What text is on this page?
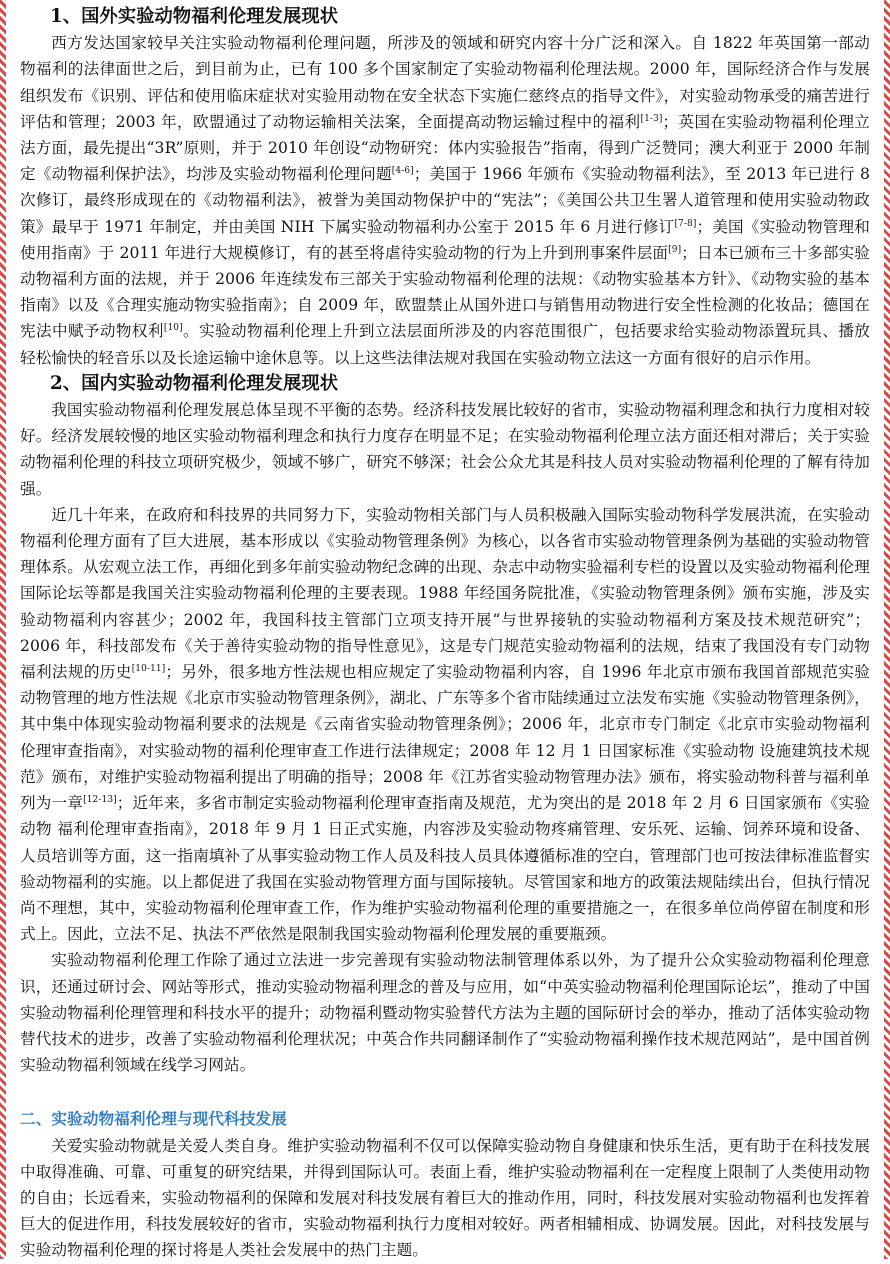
1、国外实验动物福利伦理发展现状

西方发达国家较早关注实验动物福利伦理问题，所涉及的领域和研究内容十分广泛和深入。自 1822 年英国第一部动物福利的法律面世之后，到目前为止，已有 100 多个国家制定了实验动物福利伦理法规。2000 年，国际经济合作与发展组织发布《识别、评估和使用临床症状对实验用动物在安全状态下实施仁慈终点的指导文件》，对实验动物承受的痛苦进行评估和管理；2003 年，欧盟通过了动物运输相关法案，全面提高动物运输过程中的福利[1-3]；英国在实验动物福利伦理立法方面，最先提出“3R”原则，并于 2010 年创设“动物研究：体内实验报告”指南，得到广泛赞同；澳大利亚于 2000 年制定《动物福利保护法》，均涉及实验动物福利伦理问题[4-6]；美国于 1966 年颁布《实验动物福利法》，至 2013 年已进行 8 次修订，最终形成现在的《动物福利法》，被誉为美国动物保护中的“宪法”；《美国公共卫生署人道管理和使用实验动物政策》最早于 1971 年制定，并由美国 NIH 下属实验动物福利办公室于 2015 年 6 月进行修订[7-8]；美国《实验动物管理和使用指南》于 2011 年进行大规模修订，有的甚至将虐待实验动物的行为上升到刑事案件层面[9]；日本已颁布三十多部实验动物福利方面的法规，并于 2006 年连续发布三部关于实验动物福利伦理的法规：《动物实验基本方针》、《动物实验的基本指南》以及《合理实施动物实验指南》；自 2009 年，欧盟禁止从国外进口与销售用动物进行安全性检测的化妆品；德国在宪法中赋予动物权利[10]。实验动物福利伦理上升到立法层面所涉及的内容范围很广，包括要求给实验动物添置玩具、播放轻松愉快的轻音乐以及长途运输中途休息等。以上这些法律法规对我国在实验动物立法这一方面有很好的启示作用。

2、国内实验动物福利伦理发展现状

我国实验动物福利伦理发展总体呈现不平衡的态势。经济科技发展比较好的省市，实验动物福利理念和执行力度相对较好。经济发展较慢的地区实验动物福利理念和执行力度存在明显不足；在实验动物福利伦理立法方面还相对滞后；关于实验动物福利伦理的科技立项研究极少，领域不够广，研究不够深；社会公众尤其是科技人员对实验动物福利伦理的了解有待加强。

近几十年来，在政府和科技界的共同努力下，实验动物相关部门与人员积极融入国际实验动物科学发展洪流，在实验动物福利伦理方面有了巨大进展，基本形成以《实验动物管理条例》为核心，以各省市实验动物管理条例为基础的实验动物管理体系。从宏观立法工作，再细化到多年前实验动物纪念碑的出现、杂志中动物实验福利专栏的设置以及实验动物福利伦理国际论坛等都是我国关注实验动物福利伦理的主要表现。1988 年经国务院批准，《实验动物管理条例》颁布实施，涉及实验动物福利内容甚少；2002 年，我国科技主管部门立项支持开展“与世界接轨的实验动物福利方案及技术规范研究”；2006 年，科技部发布《关于善待实验动物的指导性意见》，这是专门规范实验动物福利的法规，结束了我国没有专门动物福利法规的历史[10-11]；另外，很多地方性法规也相应规定了实验动物福利内容，自 1996 年北京市颁布我国首部规范实验动物管理的地方性法规《北京市实验动物管理条例》，湖北、广东等多个省市陆续通过立法发布实施《实验动物管理条例》，其中集中体现实验动物福利要求的法规是《云南省实验动物管理条例》；2006 年，北京市专门制定《北京市实验动物福利伦理审查指南》，对实验动物的福利伦理审查工作进行法律规定；2008 年 12 月 1 日国家标准《实验动物 设施建筑技术规范》颁布，对维护实验动物福利提出了明确的指导；2008 年《江苏省实验动物管理办法》颁布，将实验动物科普与福利单列为一章[12-13]；近年来，多省市制定实验动物福利伦理审查指南及规范，尤为突出的是 2018 年 2 月 6 日国家颁布《实验动物 福利伦理审查指南》，2018 年 9 月 1 日正式实施，内容涉及实验动物疼痛管理、安乐死、运输、饲养环境和设备、人员培训等方面，这一指南填补了从事实验动物工作人员及科技人员具体遵循标准的空白，管理部门也可按法律标准监督实验动物福利的实施。以上都促进了我国在实验动物管理方面与国际接轨。尽管国家和地方的政策法规陆续出台，但执行情况尚不理想，其中，实验动物福利伦理审查工作，作为维护实验动物福利伦理的重要措施之一，在很多单位尚停留在制度和形式上。因此，立法不足、执法不严依然是限制我国实验动物福利伦理发展的重要瓶颈。

实验动物福利伦理工作除了通过立法进一步完善现有实验动物法制管理体系以外，为了提升公众实验动物福利伦理意识，还通过研讨会、网站等形式，推动实验动物福利理念的普及与应用，如“中英实验动物福利伦理国际论坛”，推动了中国实验动物福利伦理管理和科技水平的提升；动物福利暨动物实验替代方法为主题的国际研讨会的举办，推动了活体实验动物替代技术的进步，改善了实验动物福利伦理状况；中英合作共同翻译制作了“实验动物福利操作技术规范网站”，是中国首例实验动物福利领域在线学习网站。

二、实验动物福利伦理与现代科技发展

关爱实验动物就是关爱人类自身。维护实验动物福利不仅可以保障实验动物自身健康和快乐生活，更有助于在科技发展中取得准确、可靠、可重复的研究结果，并得到国际认可。表面上看，维护实验动物福利在一定程度上限制了人类使用动物的自由；长远看来，实验动物福利的保障和发展对科技发展有着巨大的推动作用，同时，科技发展对实验动物福利也发挥着巨大的促进作用，科技发展较好的省市，实验动物福利执行力度相对较好。两者相辅相成、协调发展。因此，对科技发展与实验动物福利伦理的探讨将是人类社会发展中的热门主题。
